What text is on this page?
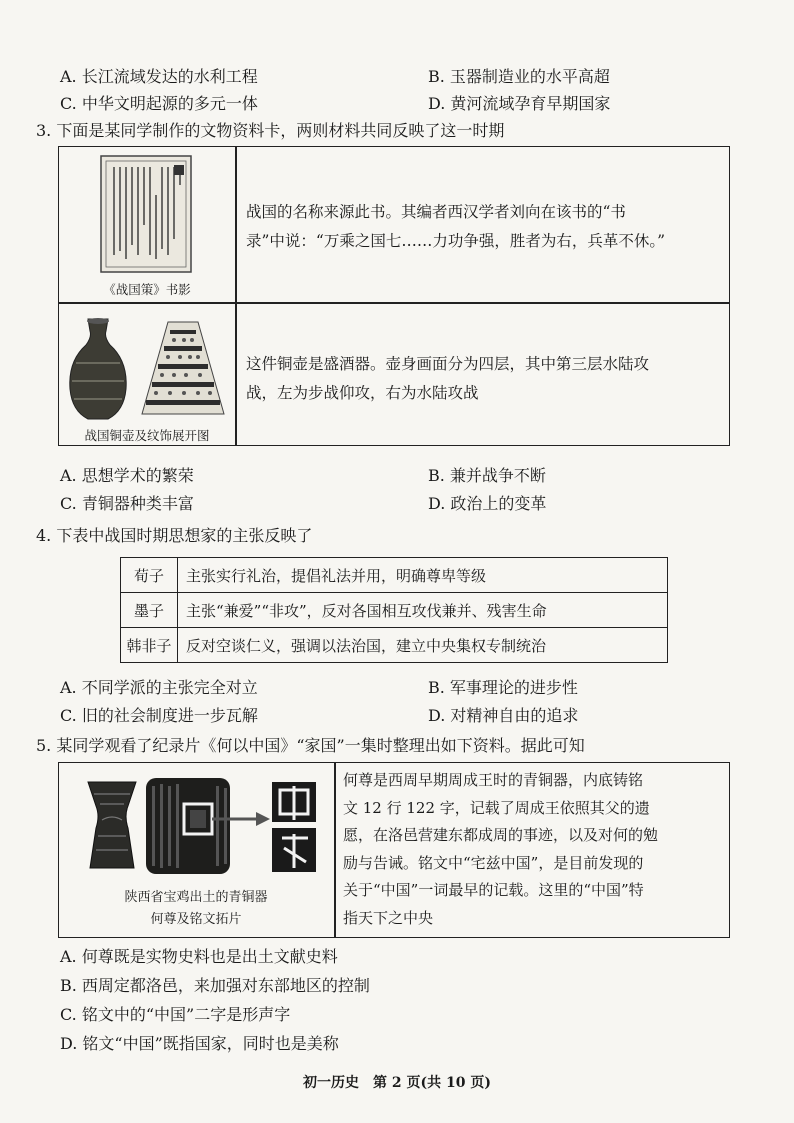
A. 长江流域发达的水利工程	B. 玉器制造业的水平高超
C. 中华文明起源的多元一体	D. 黄河流域孕育早期国家
3. 下面是某同学制作的文物资料卡，两则材料共同反映了这一时期
《战国策》书影
战国的名称来源此书。其编者西汉学者刘向在该书的“书
录”中说：“万乘之国七……力功争强，胜者为右，兵革不休。”
战国铜壶及纹饰展开图
这件铜壶是盛酒器。壶身画面分为四层，其中第三层水陆攻
战，左为步战仰攻，右为水陆攻战
A. 思想学术的繁荣	B. 兼并战争不断
C. 青铜器种类丰富	D. 政治上的变革
4. 下表中战国时期思想家的主张反映了
荀子	主张实行礼治，提倡礼法并用，明确尊卑等级
墨子	主张“兼爱”“非攻”，反对各国相互攻伐兼并、残害生命
韩非子	反对空谈仁义，强调以法治国，建立中央集权专制统治
A. 不同学派的主张完全对立	B. 军事理论的进步性
C. 旧的社会制度进一步瓦解	D. 对精神自由的追求
5. 某同学观看了纪录片《何以中国》“家国”一集时整理出如下资料。据此可知
陕西省宝鸡出土的青铜器
何尊及铭文拓片
何尊是西周早期周成王时的青铜器，内底铸铭
文 12 行 122 字，记载了周成王依照其父的遗
愿，在洛邑营建东都成周的事迹，以及对何的勉
励与告诫。铭文中“宅兹中国”，是目前发现的
关于“中国”一词最早的记载。这里的“中国”特
指天下之中央
A. 何尊既是实物史料也是出土文献史料
B. 西周定都洛邑，来加强对东部地区的控制
C. 铭文中的“中国”二字是形声字
D. 铭文“中国”既指国家，同时也是美称
初一历史　第 2 页(共 10 页)
